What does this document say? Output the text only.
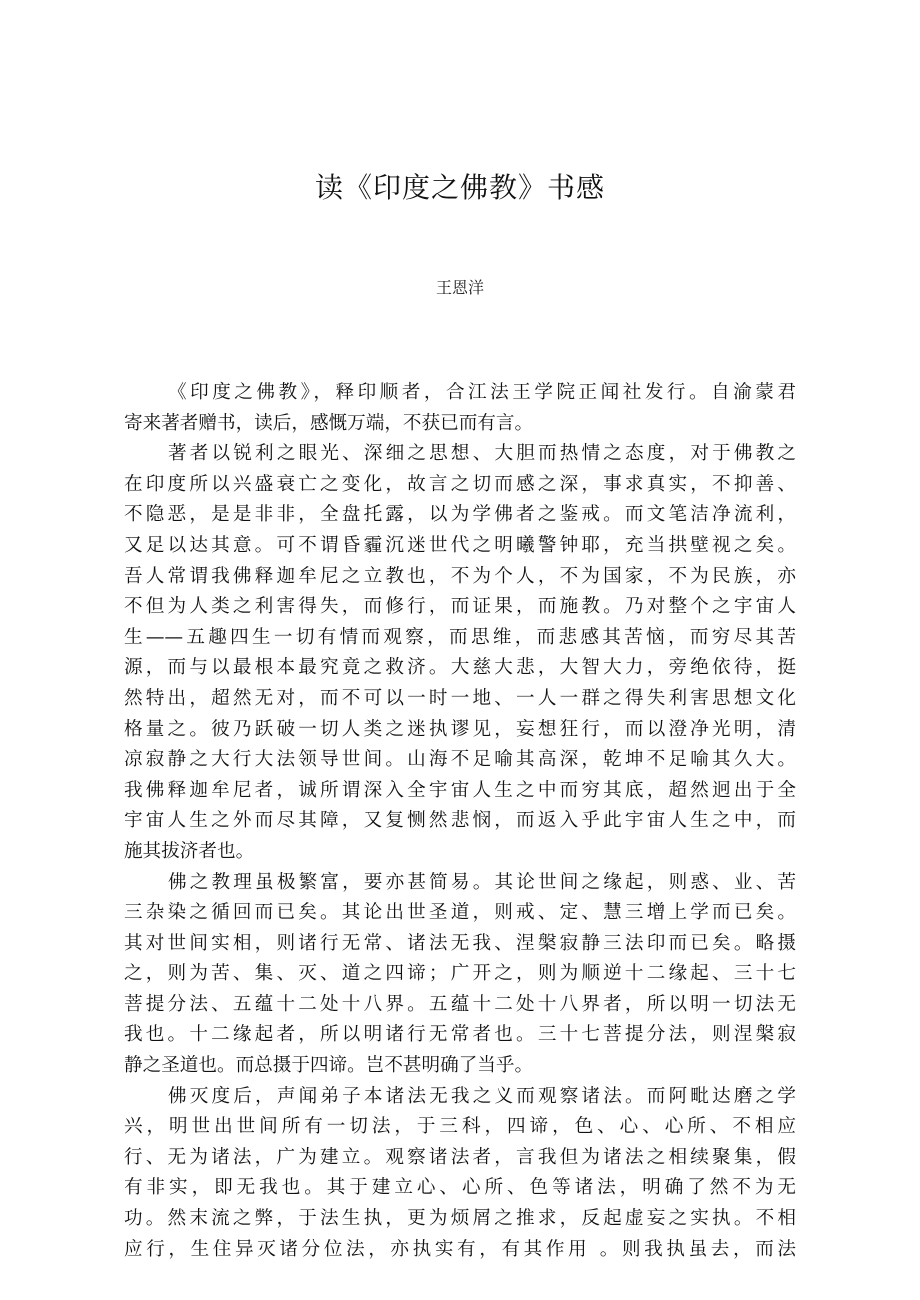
读《印度之佛教》书感
王恩洋
《印度之佛教》，释印顺者，合江法王学院正闻社发行。自渝蒙君
寄来著者赠书，读后，感慨万端，不获已而有言。
著者以锐利之眼光、深细之思想、大胆而热情之态度，对于佛教之
在印度所以兴盛衰亡之变化，故言之切而感之深，事求真实，不抑善、
不隐恶，是是非非，全盘托露，以为学佛者之鉴戒。而文笔洁净流利，
又足以达其意。可不谓昏霾沉迷世代之明曦警钟耶，充当拱壁视之矣。
吾人常谓我佛释迦牟尼之立教也，不为个人，不为国家，不为民族，亦
不但为人类之利害得失，而修行，而证果，而施教。乃对整个之宇宙人
生——五趣四生一切有情而观察，而思维，而悲感其苦恼，而穷尽其苦
源，而与以最根本最究竟之救济。大慈大悲，大智大力，旁绝依待，挺
然特出，超然无对，而不可以一时一地、一人一群之得失利害思想文化
格量之。彼乃跃破一切人类之迷执谬见，妄想狂行，而以澄净光明，清
凉寂静之大行大法领导世间。山海不足喻其高深，乾坤不足喻其久大。
我佛释迦牟尼者，诚所谓深入全宇宙人生之中而穷其底，超然迥出于全
宇宙人生之外而尽其障，又复恻然悲悯，而返入乎此宇宙人生之中，而
施其拔济者也。
佛之教理虽极繁富，要亦甚简易。其论世间之缘起，则惑、业、苦
三杂染之循回而已矣。其论出世圣道，则戒、定、慧三增上学而已矣。
其对世间实相，则诸行无常、诸法无我、涅槃寂静三法印而已矣。略摄
之，则为苦、集、灭、道之四谛；广开之，则为顺逆十二缘起、三十七
菩提分法、五蕴十二处十八界。五蕴十二处十八界者，所以明一切法无
我也。十二缘起者，所以明诸行无常者也。三十七菩提分法，则涅槃寂
静之圣道也。而总摄于四谛。岂不甚明确了当乎。
佛灭度后，声闻弟子本诸法无我之义而观察诸法。而阿毗达磨之学
兴，明世出世间所有一切法，于三科，四谛，色、心、心所、不相应
行、无为诸法，广为建立。观察诸法者，言我但为诸法之相续聚集，假
有非实，即无我也。其于建立心、心所、色等诸法，明确了然不为无
功。然末流之弊，于法生执，更为烦屑之推求，反起虚妄之实执。不相
应行，生住异灭诸分位法，亦执实有，有其作用 。则我执虽去，而法
